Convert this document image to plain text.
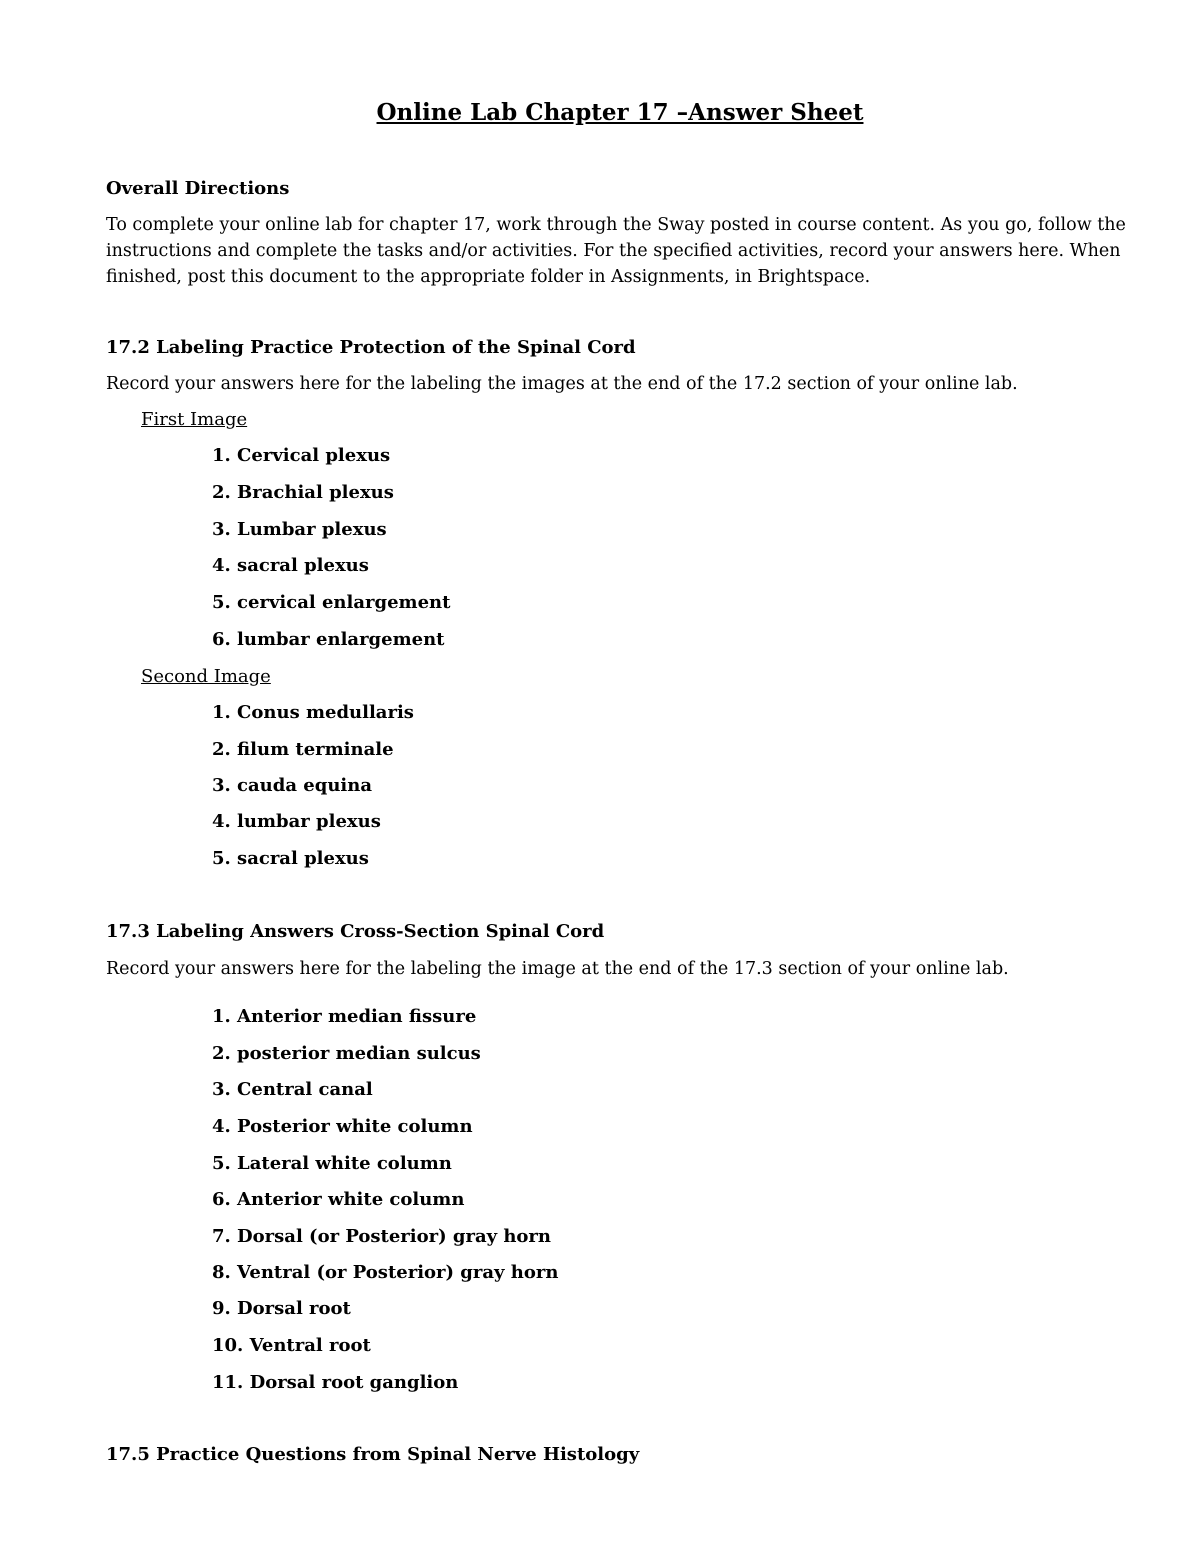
Online Lab Chapter 17 –Answer Sheet
Overall Directions
To complete your online lab for chapter 17, work through the Sway posted in course content. As you go, follow the
instructions and complete the tasks and/or activities. For the specified activities, record your answers here. When
finished, post this document to the appropriate folder in Assignments, in Brightspace.
17.2 Labeling Practice Protection of the Spinal Cord
Record your answers here for the labeling the images at the end of the 17.2 section of your online lab.
First Image
1. Cervical plexus
2. Brachial plexus
3. Lumbar plexus
4. sacral plexus
5. cervical enlargement
6. lumbar enlargement
Second Image
1. Conus medullaris
2. filum terminale
3. cauda equina
4. lumbar plexus
5. sacral plexus
17.3 Labeling Answers Cross-Section Spinal Cord
Record your answers here for the labeling the image at the end of the 17.3 section of your online lab.
1. Anterior median fissure
2. posterior median sulcus
3. Central canal
4. Posterior white column
5. Lateral white column
6. Anterior white column
7. Dorsal (or Posterior) gray horn
8. Ventral (or Posterior) gray horn
9. Dorsal root
10. Ventral root
11. Dorsal root ganglion
17.5 Practice Questions from Spinal Nerve Histology
